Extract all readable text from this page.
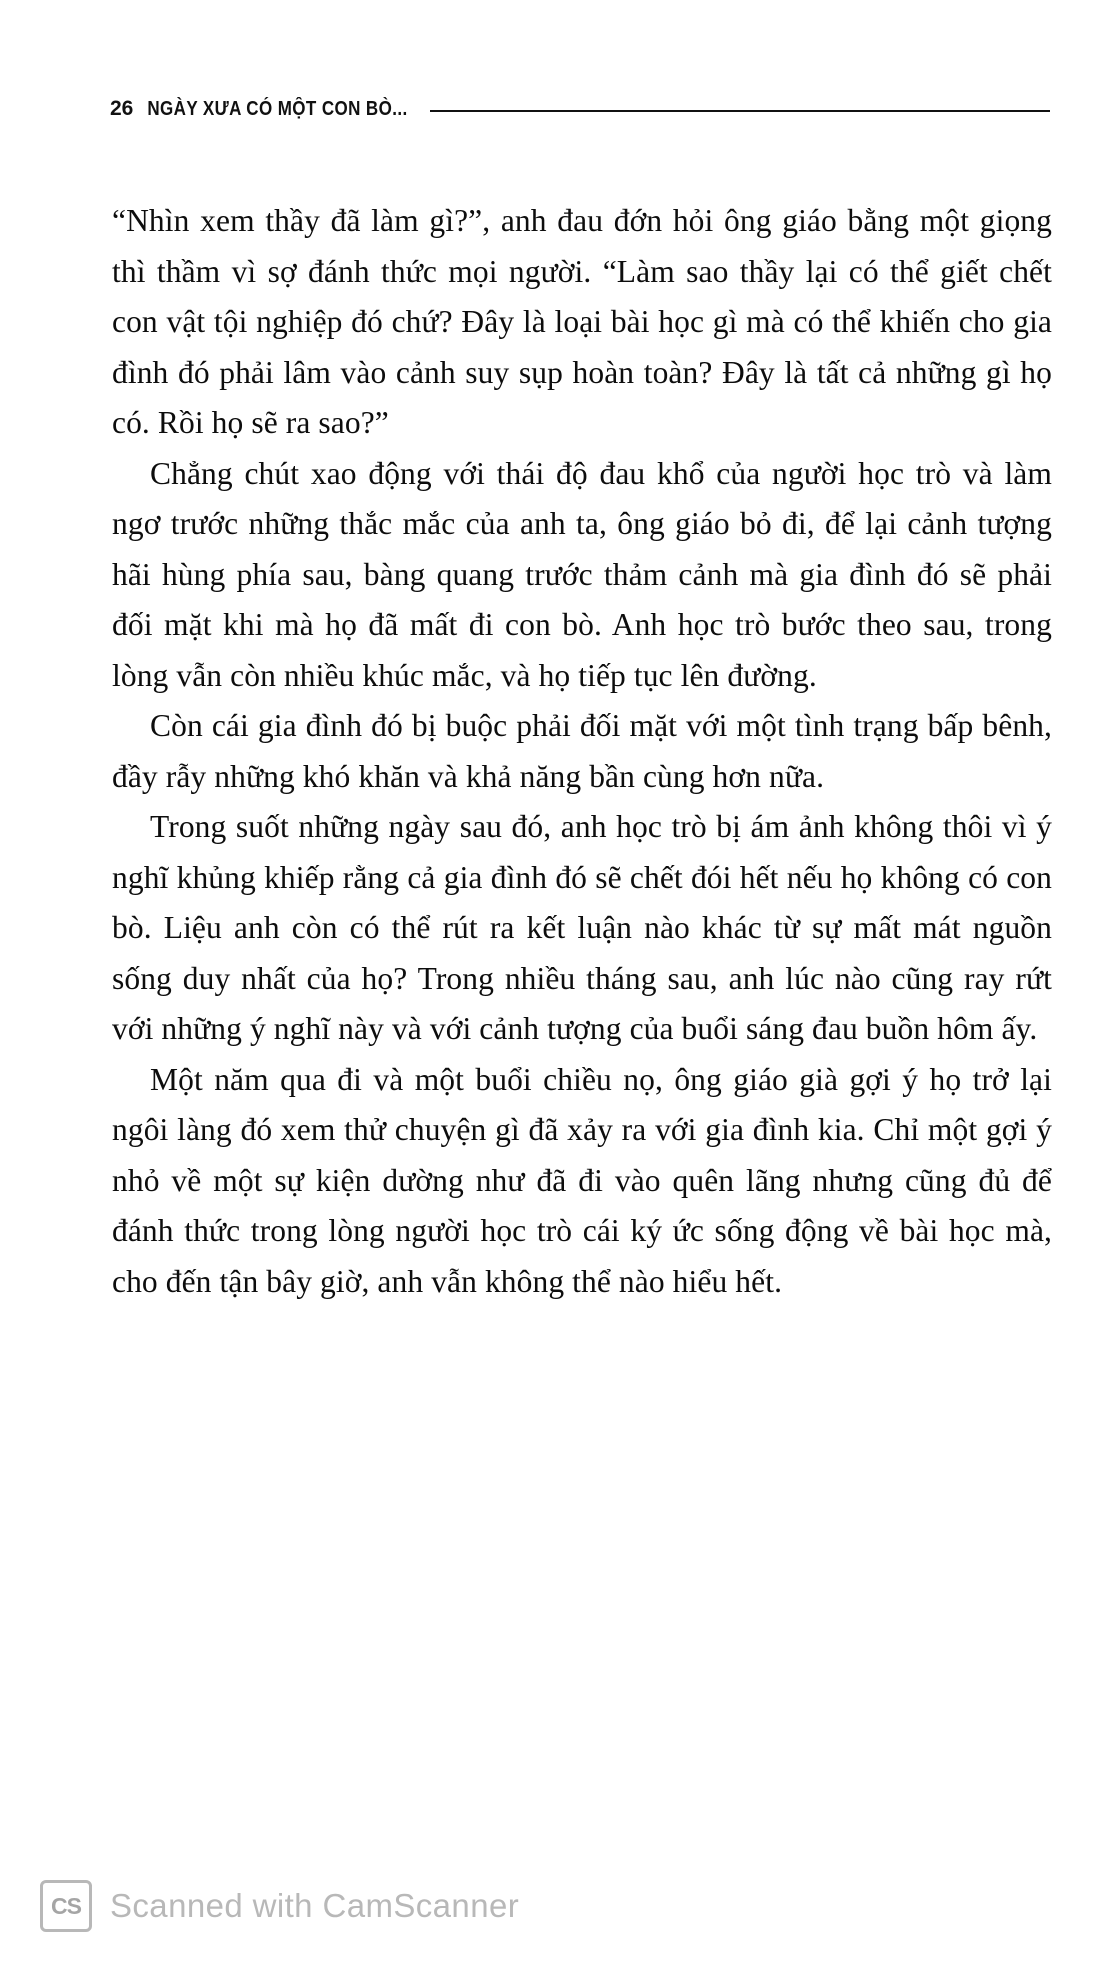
26 NGÀY XƯA CÓ MỘT CON BÒ...

“Nhìn xem thầy đã làm gì?”, anh đau đớn hỏi ông giáo bằng một giọng thì thầm vì sợ đánh thức mọi người. “Làm sao thầy lại có thể giết chết con vật tội nghiệp đó chứ? Đây là loại bài học gì mà có thể khiến cho gia đình đó phải lâm vào cảnh suy sụp hoàn toàn? Đây là tất cả những gì họ có. Rồi họ sẽ ra sao?”

Chẳng chút xao động với thái độ đau khổ của người học trò và làm ngơ trước những thắc mắc của anh ta, ông giáo bỏ đi, để lại cảnh tượng hãi hùng phía sau, bàng quang trước thảm cảnh mà gia đình đó sẽ phải đối mặt khi mà họ đã mất đi con bò. Anh học trò bước theo sau, trong lòng vẫn còn nhiều khúc mắc, và họ tiếp tục lên đường.

Còn cái gia đình đó bị buộc phải đối mặt với một tình trạng bấp bênh, đầy rẫy những khó khăn và khả năng bần cùng hơn nữa.

Trong suốt những ngày sau đó, anh học trò bị ám ảnh không thôi vì ý nghĩ khủng khiếp rằng cả gia đình đó sẽ chết đói hết nếu họ không có con bò. Liệu anh còn có thể rút ra kết luận nào khác từ sự mất mát nguồn sống duy nhất của họ? Trong nhiều tháng sau, anh lúc nào cũng ray rứt với những ý nghĩ này và với cảnh tượng của buổi sáng đau buồn hôm ấy.

Một năm qua đi và một buổi chiều nọ, ông giáo già gợi ý họ trở lại ngôi làng đó xem thử chuyện gì đã xảy ra với gia đình kia. Chỉ một gợi ý nhỏ về một sự kiện dường như đã đi vào quên lãng nhưng cũng đủ để đánh thức trong lòng người học trò cái ký ức sống động về bài học mà, cho đến tận bây giờ, anh vẫn không thể nào hiểu hết.

CS Scanned with CamScanner
